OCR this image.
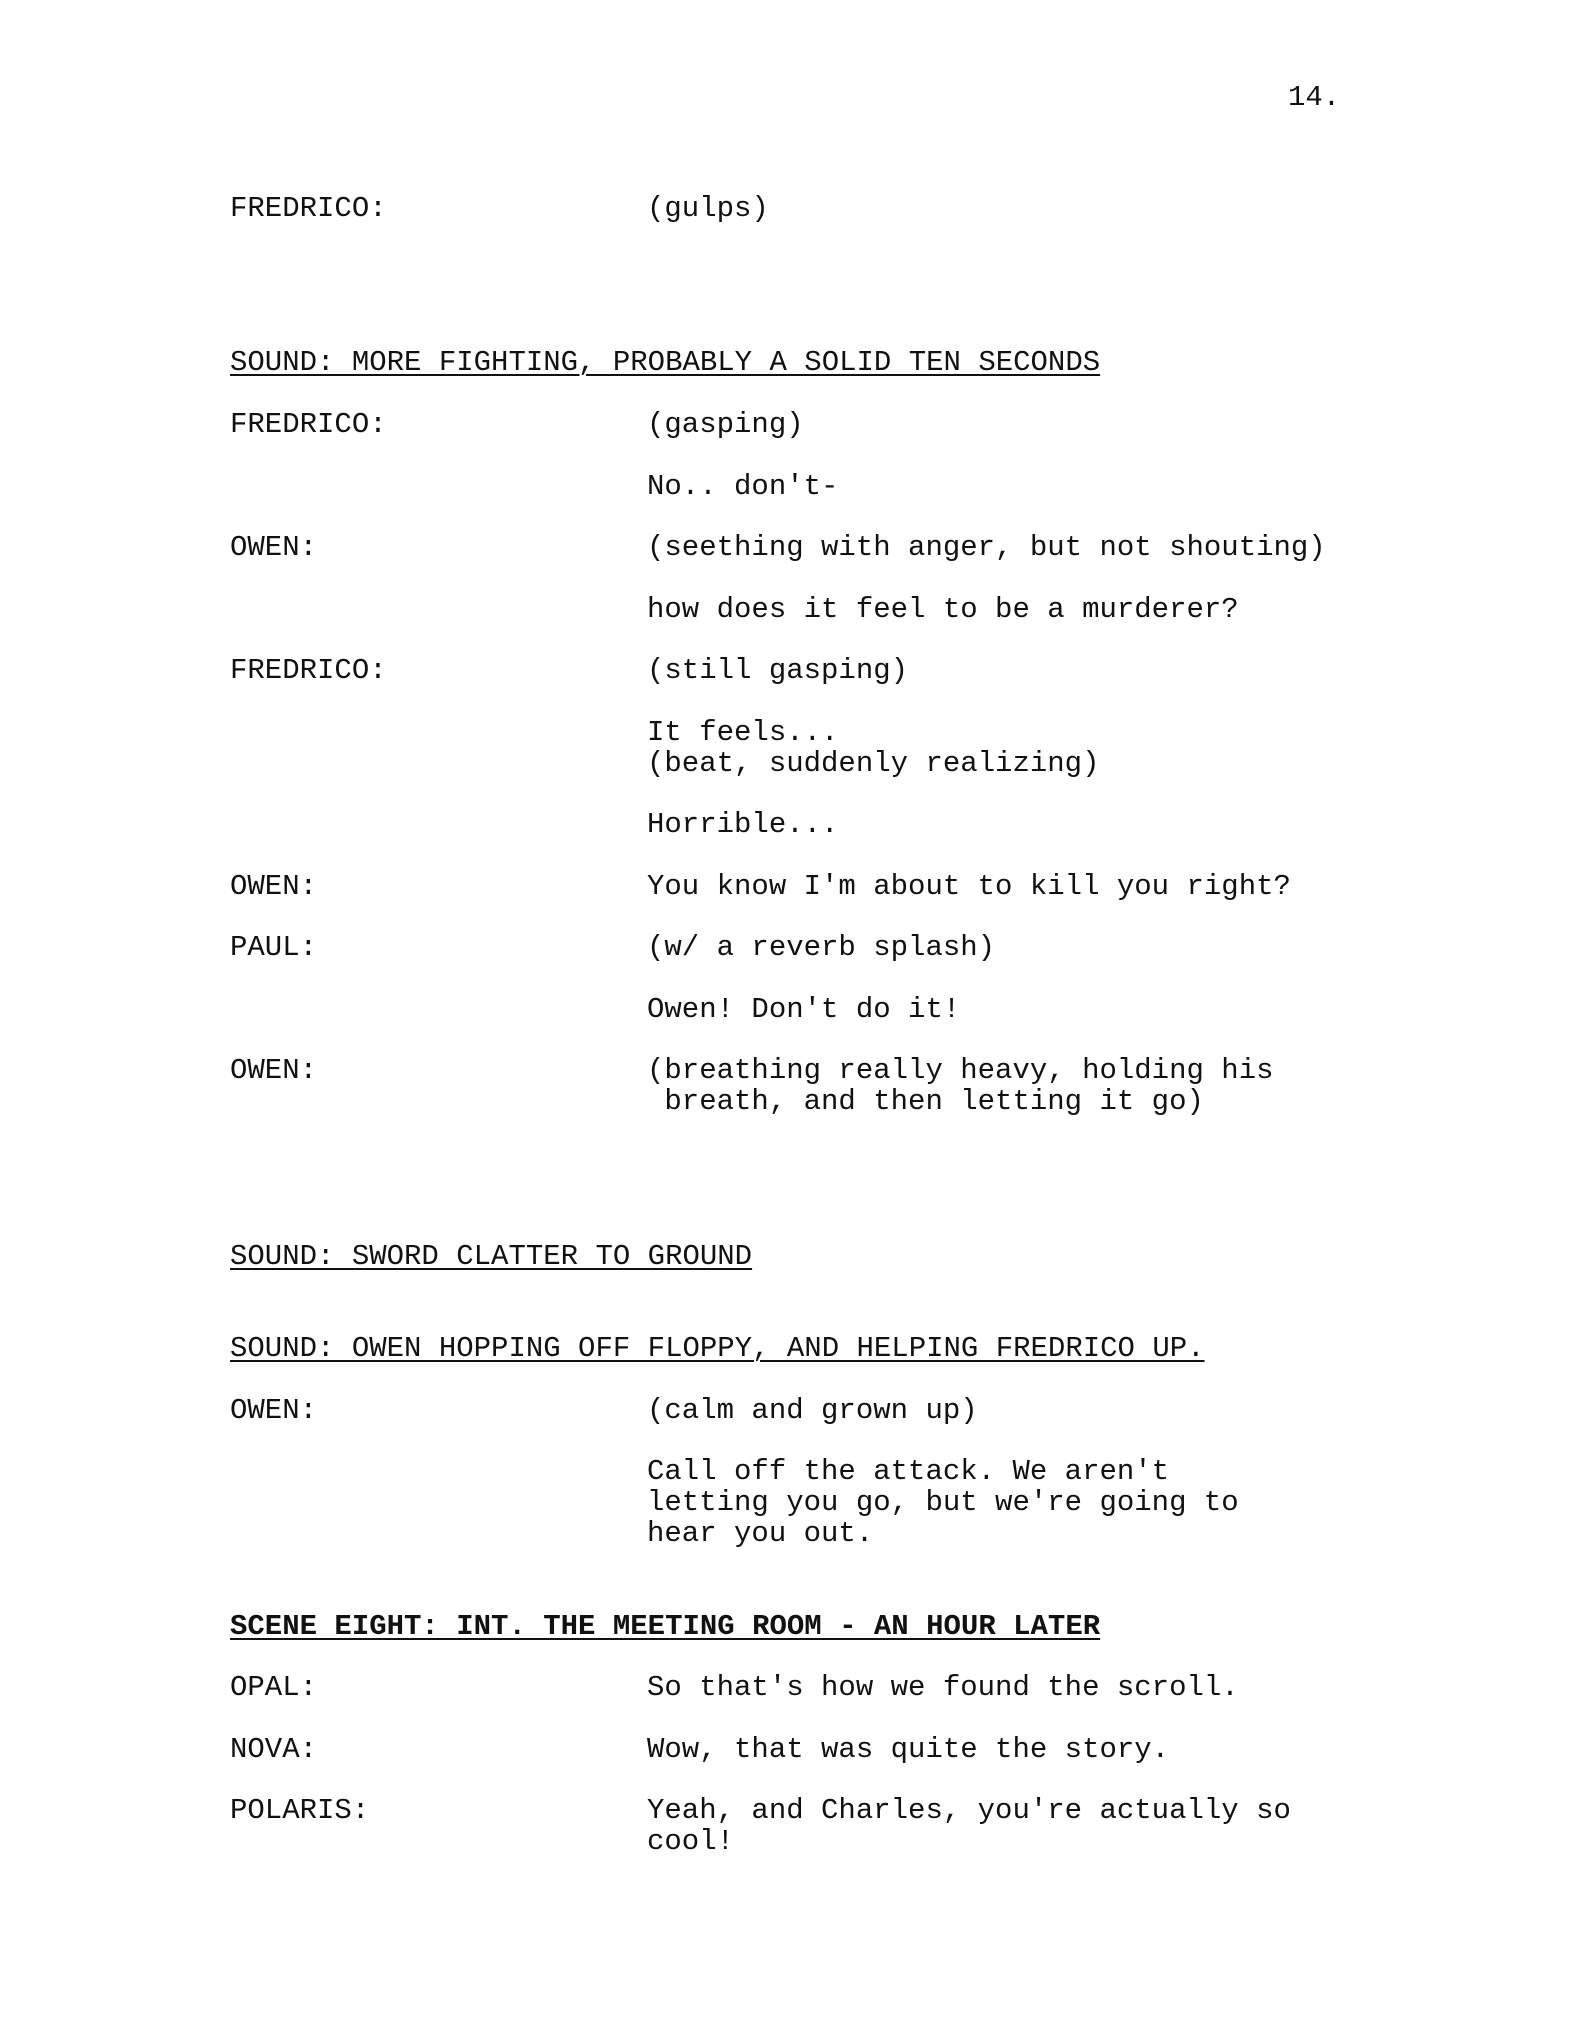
14.
FREDRICO:	(gulps)
SOUND: MORE FIGHTING, PROBABLY A SOLID TEN SECONDS
FREDRICO:	(gasping)
No.. don't-
OWEN:	(seething with anger, but not shouting)
how does it feel to be a murderer?
FREDRICO:	(still gasping)
It feels...
(beat, suddenly realizing)
Horrible...
OWEN:	You know I'm about to kill you right?
PAUL:	(w/ a reverb splash)
Owen! Don't do it!
OWEN:	(breathing really heavy, holding his
breath, and then letting it go)
SOUND: SWORD CLATTER TO GROUND
SOUND: OWEN HOPPING OFF FLOPPY, AND HELPING FREDRICO UP.
OWEN:	(calm and grown up)
Call off the attack. We aren't
letting you go, but we're going to
hear you out.
SCENE EIGHT: INT. THE MEETING ROOM - AN HOUR LATER
OPAL:	So that's how we found the scroll.
NOVA:	Wow, that was quite the story.
POLARIS:	Yeah, and Charles, you're actually so
cool!
